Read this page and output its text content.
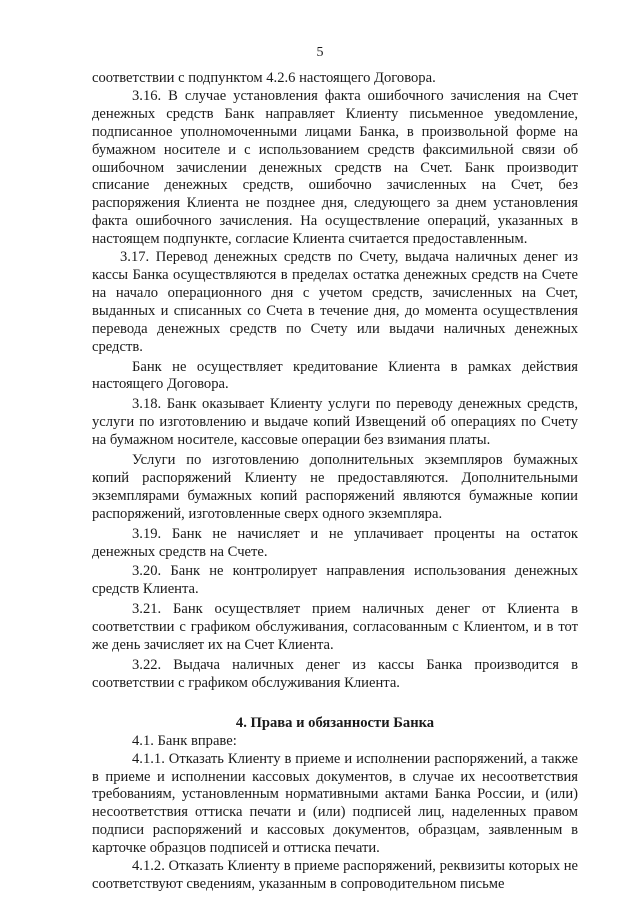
5

соответствии с подпунктом 4.2.6 настоящего Договора.

3.16. В случае установления факта ошибочного зачисления на Счет денежных средств Банк направляет Клиенту письменное уведомление, подписанное уполномоченными лицами Банка, в произвольной форме на бумажном носителе и с использованием средств факсимильной связи об ошибочном зачислении денежных средств на Счет. Банк производит списание денежных средств, ошибочно зачисленных на Счет, без распоряжения Клиента не позднее дня, следующего за днем установления факта ошибочного зачисления. На осуществление операций, указанных в настоящем подпункте, согласие Клиента считается предоставленным.

3.17. Перевод денежных средств по Счету, выдача наличных денег из кассы Банка осуществляются в пределах остатка денежных средств на Счете на начало операционного дня с учетом средств, зачисленных на Счет, выданных и списанных со Счета в течение дня, до момента осуществления перевода денежных средств по Счету или выдачи наличных денежных средств.

Банк не осуществляет кредитование Клиента в рамках действия настоящего Договора.

3.18. Банк оказывает Клиенту услуги по переводу денежных средств, услуги по изготовлению и выдаче копий Извещений об операциях по Счету на бумажном носителе, кассовые операции без взимания платы.

Услуги по изготовлению дополнительных экземпляров бумажных копий распоряжений Клиенту не предоставляются. Дополнительными экземплярами бумажных копий распоряжений являются бумажные копии распоряжений, изготовленные сверх одного экземпляра.

3.19. Банк не начисляет и не уплачивает проценты на остаток денежных средств на Счете.

3.20. Банк не контролирует направления использования денежных средств Клиента.

3.21. Банк осуществляет прием наличных денег от Клиента в соответствии с графиком обслуживания, согласованным с Клиентом, и в тот же день зачисляет их на Счет Клиента.

3.22. Выдача наличных денег из кассы Банка производится в соответствии с графиком обслуживания Клиента.

4. Права и обязанности Банка

4.1. Банк вправе:

4.1.1. Отказать Клиенту в приеме и исполнении распоряжений, а также в приеме и исполнении кассовых документов, в случае их несоответствия требованиям, установленным нормативными актами Банка России, и (или) несоответствия оттиска печати и (или) подписей лиц, наделенных правом подписи распоряжений и кассовых документов, образцам, заявленным в карточке образцов подписей и оттиска печати.

4.1.2. Отказать Клиенту в приеме распоряжений, реквизиты которых не соответствуют сведениям, указанным в сопроводительном письме
